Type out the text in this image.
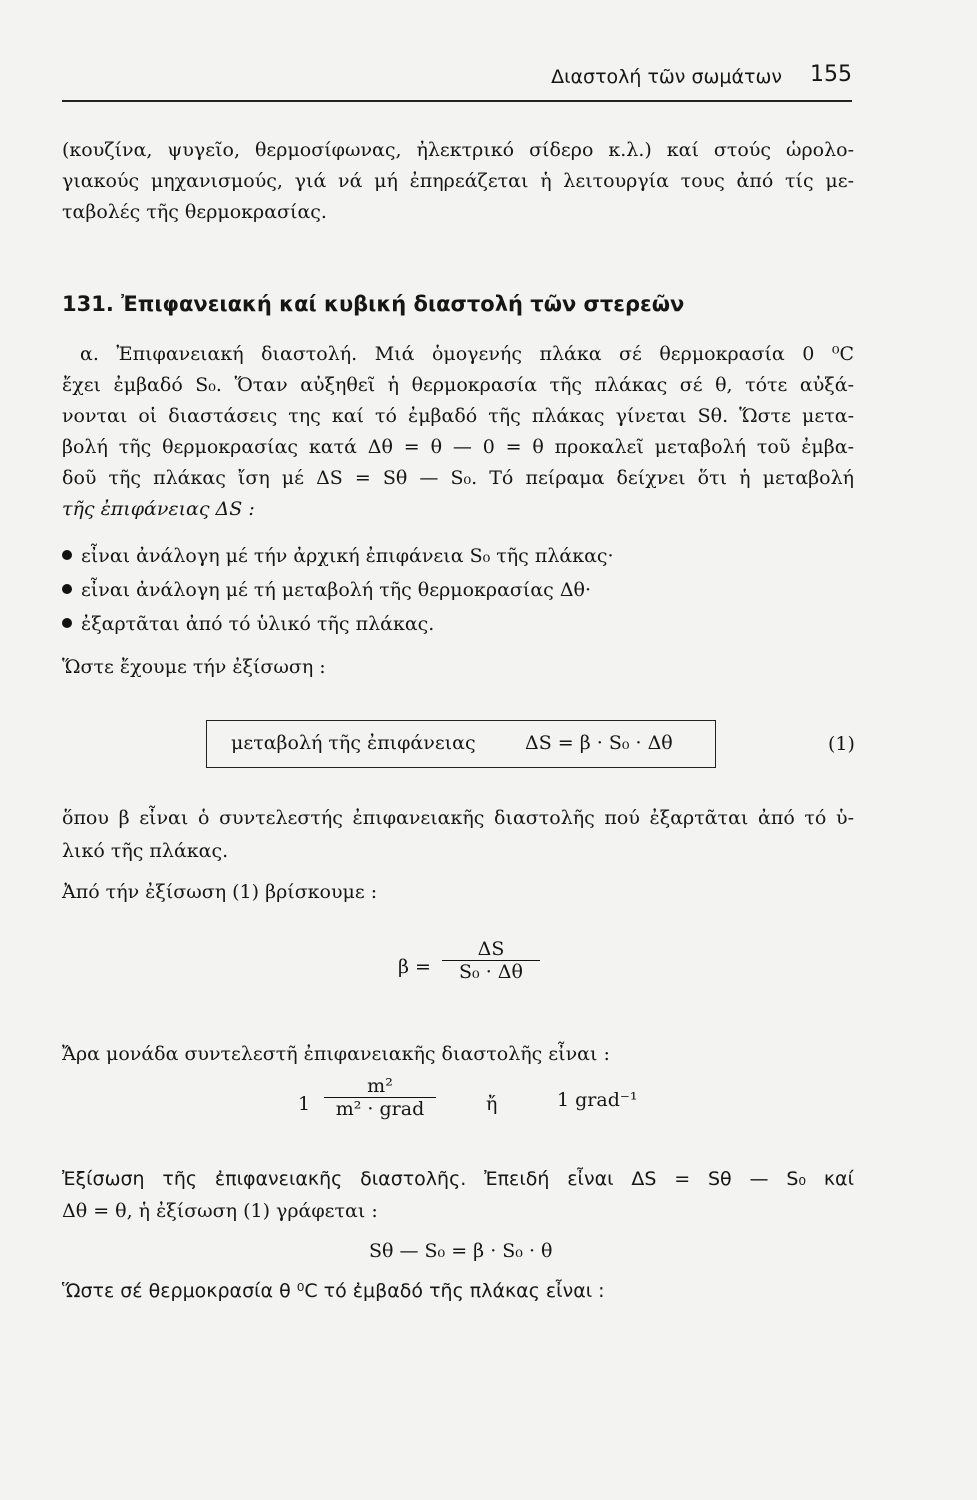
Διαστολή τῶν σωμάτων 155
(κουζίνα, ψυγεῖο, θερμοσίφωνας, ἠλεκτρικό σίδερο κ.λ.) καί στούς ὡρολο-
γιακούς μηχανισμούς, γιά νά μή ἐπηρεάζεται ἡ λειτουργία τους ἀπό τίς με-
ταβολές τῆς θερμοκρασίας.
131. Ἐπιφανειακή καί κυβική διαστολή τῶν στερεῶν
α. Ἐπιφανειακή διαστολή. Μιά ὁμογενής πλάκα σέ θερμοκρασία 0 ⁰C
ἔχει ἐμβαδό S₀. Ὅταν αὐξηθεῖ ἡ θερμοκρασία τῆς πλάκας σέ θ, τότε αὐξά-
νονται οἱ διαστάσεις της καί τό ἐμβαδό τῆς πλάκας γίνεται Sθ. Ὥστε μετα-
βολή τῆς θερμοκρασίας κατά Δθ = θ — 0 = θ προκαλεῖ μεταβολή τοῦ ἐμβα-
δοῦ τῆς πλάκας ἴση μέ ΔS = Sθ — S₀. Τό πείραμα δείχνει ὅτι ἡ μεταβολή
τῆς ἐπιφάνειας ΔS :
εἶναι ἀνάλογη μέ τήν ἀρχική ἐπιφάνεια S₀ τῆς πλάκας·
εἶναι ἀνάλογη μέ τή μεταβολή τῆς θερμοκρασίας Δθ·
ἐξαρτᾶται ἀπό τό ὑλικό τῆς πλάκας.
Ὥστε ἔχουμε τήν ἐξίσωση :
μεταβολή τῆς ἐπιφάνειας	ΔS = β · S₀ · Δθ	(1)
ὅπου β εἶναι ὁ συντελεστής ἐπιφανειακῆς διαστολῆς πού ἐξαρτᾶται ἀπό τό ὑ-
λικό τῆς πλάκας.
Ἀπό τήν ἐξίσωση (1) βρίσκουμε :
$\beta = \frac{\Delta S}{\text{S₀ · Δθ}}$
Ἄρα μονάδα συντελεστῆ ἐπιφανειακῆς διαστολῆς εἶναι :
1
m²
m² · grad	ἤ	1 grad⁻¹
Ἐξίσωση τῆς ἐπιφανειακῆς διαστολῆς. Ἐπειδή εἶναι ΔS = Sθ — S₀ καί
Δθ = θ, ἡ ἐξίσωση (1) γράφεται :
Sθ — S₀ = β · S₀ · θ
Ὥστε σέ θερμοκρασία θ ⁰C τό ἐμβαδό τῆς πλάκας εἶναι :
